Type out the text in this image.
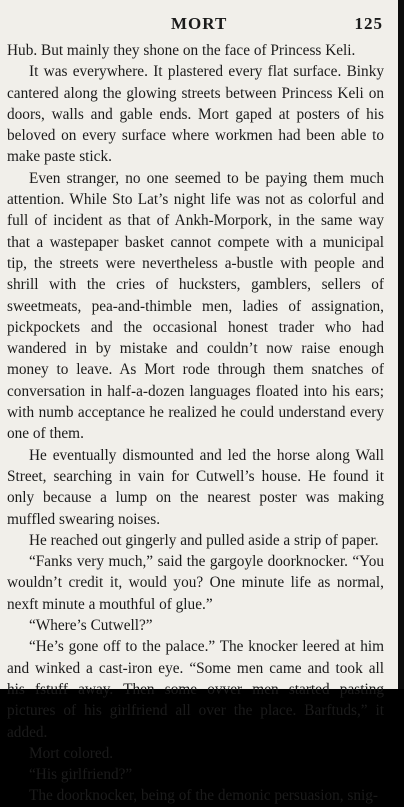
MORT	125

Hub. But mainly they shone on the face of Princess Keli.

It was everywhere. It plastered every flat surface. Binky cantered along the glowing streets between Princess Keli on doors, walls and gable ends. Mort gaped at posters of his beloved on every surface where workmen had been able to make paste stick.

Even stranger, no one seemed to be paying them much attention. While Sto Lat’s night life was not as colorful and full of incident as that of Ankh-Morpork, in the same way that a wastepaper basket cannot compete with a municipal tip, the streets were nevertheless a-bustle with people and shrill with the cries of hucksters, gamblers, sellers of sweetmeats, pea-and-thimble men, ladies of assignation, pickpockets and the occasional honest trader who had wandered in by mistake and couldn’t now raise enough money to leave. As Mort rode through them snatches of conversation in half-a-dozen languages floated into his ears; with numb acceptance he realized he could understand every one of them.

He eventually dismounted and led the horse along Wall Street, searching in vain for Cutwell’s house. He found it only because a lump on the nearest poster was making muffled swearing noises.

He reached out gingerly and pulled aside a strip of paper.

“Fanks very much,” said the gargoyle doorknocker. “You wouldn’t credit it, would you? One minute life as normal, nexft minute a mouthful of glue.”

“Where’s Cutwell?”

“He’s gone off to the palace.” The knocker leered at him and winked a cast-iron eye. “Some men came and took all his fstuff away. Then some ovver men started pasting pictures of his girlfriend all over the place. Barftuds,” it added.

Mort colored.

“His girlfriend?”

The doorknocker, being of the demonic persuasion, snig-
